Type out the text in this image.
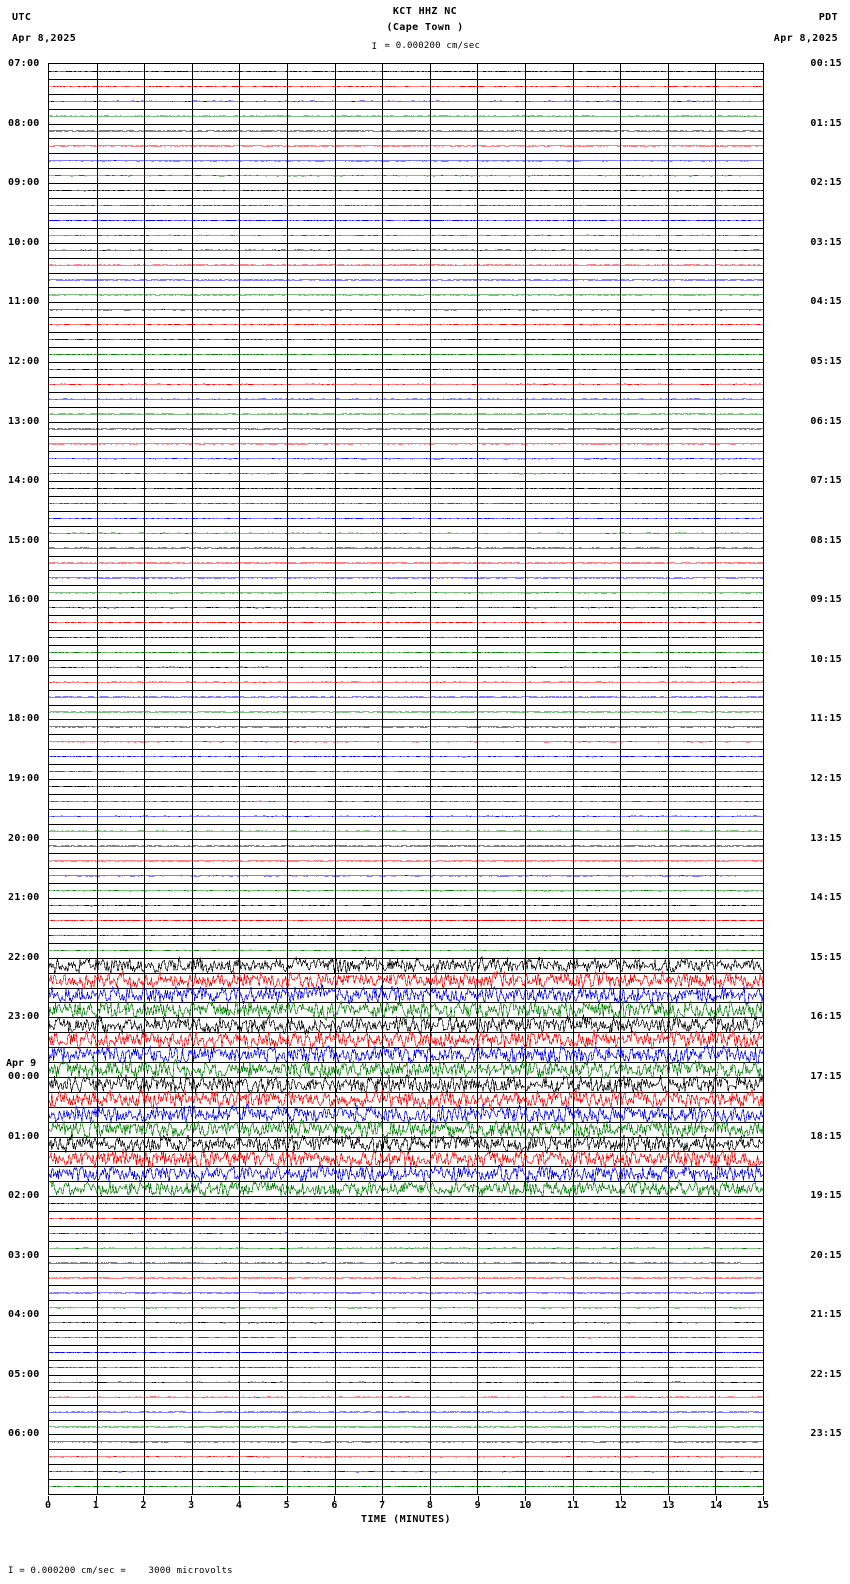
UTC
Apr 8,2025
PDT
Apr 8,2025
KCT HHZ NC
(Cape Town )
I = 0.000200 cm/sec
0	1	2	3	4	5	6	7	8	9	10	11	12	13	14	15
TIME (MINUTES)
I = 0.000200 cm/sec =    3000 microvolts
07:00
08:00
09:00
10:00
11:00
12:00
13:00
14:00
15:00
16:00
17:00
18:00
19:00
20:00
21:00
22:00
23:00
00:00
01:00
02:00
03:00
04:00
05:00
06:00
00:15
01:15
02:15
03:15
04:15
05:15
06:15
07:15
08:15
09:15
10:15
11:15
12:15
13:15
14:15
15:15
16:15
17:15
18:15
19:15
20:15
21:15
22:15
23:15
Apr 9
